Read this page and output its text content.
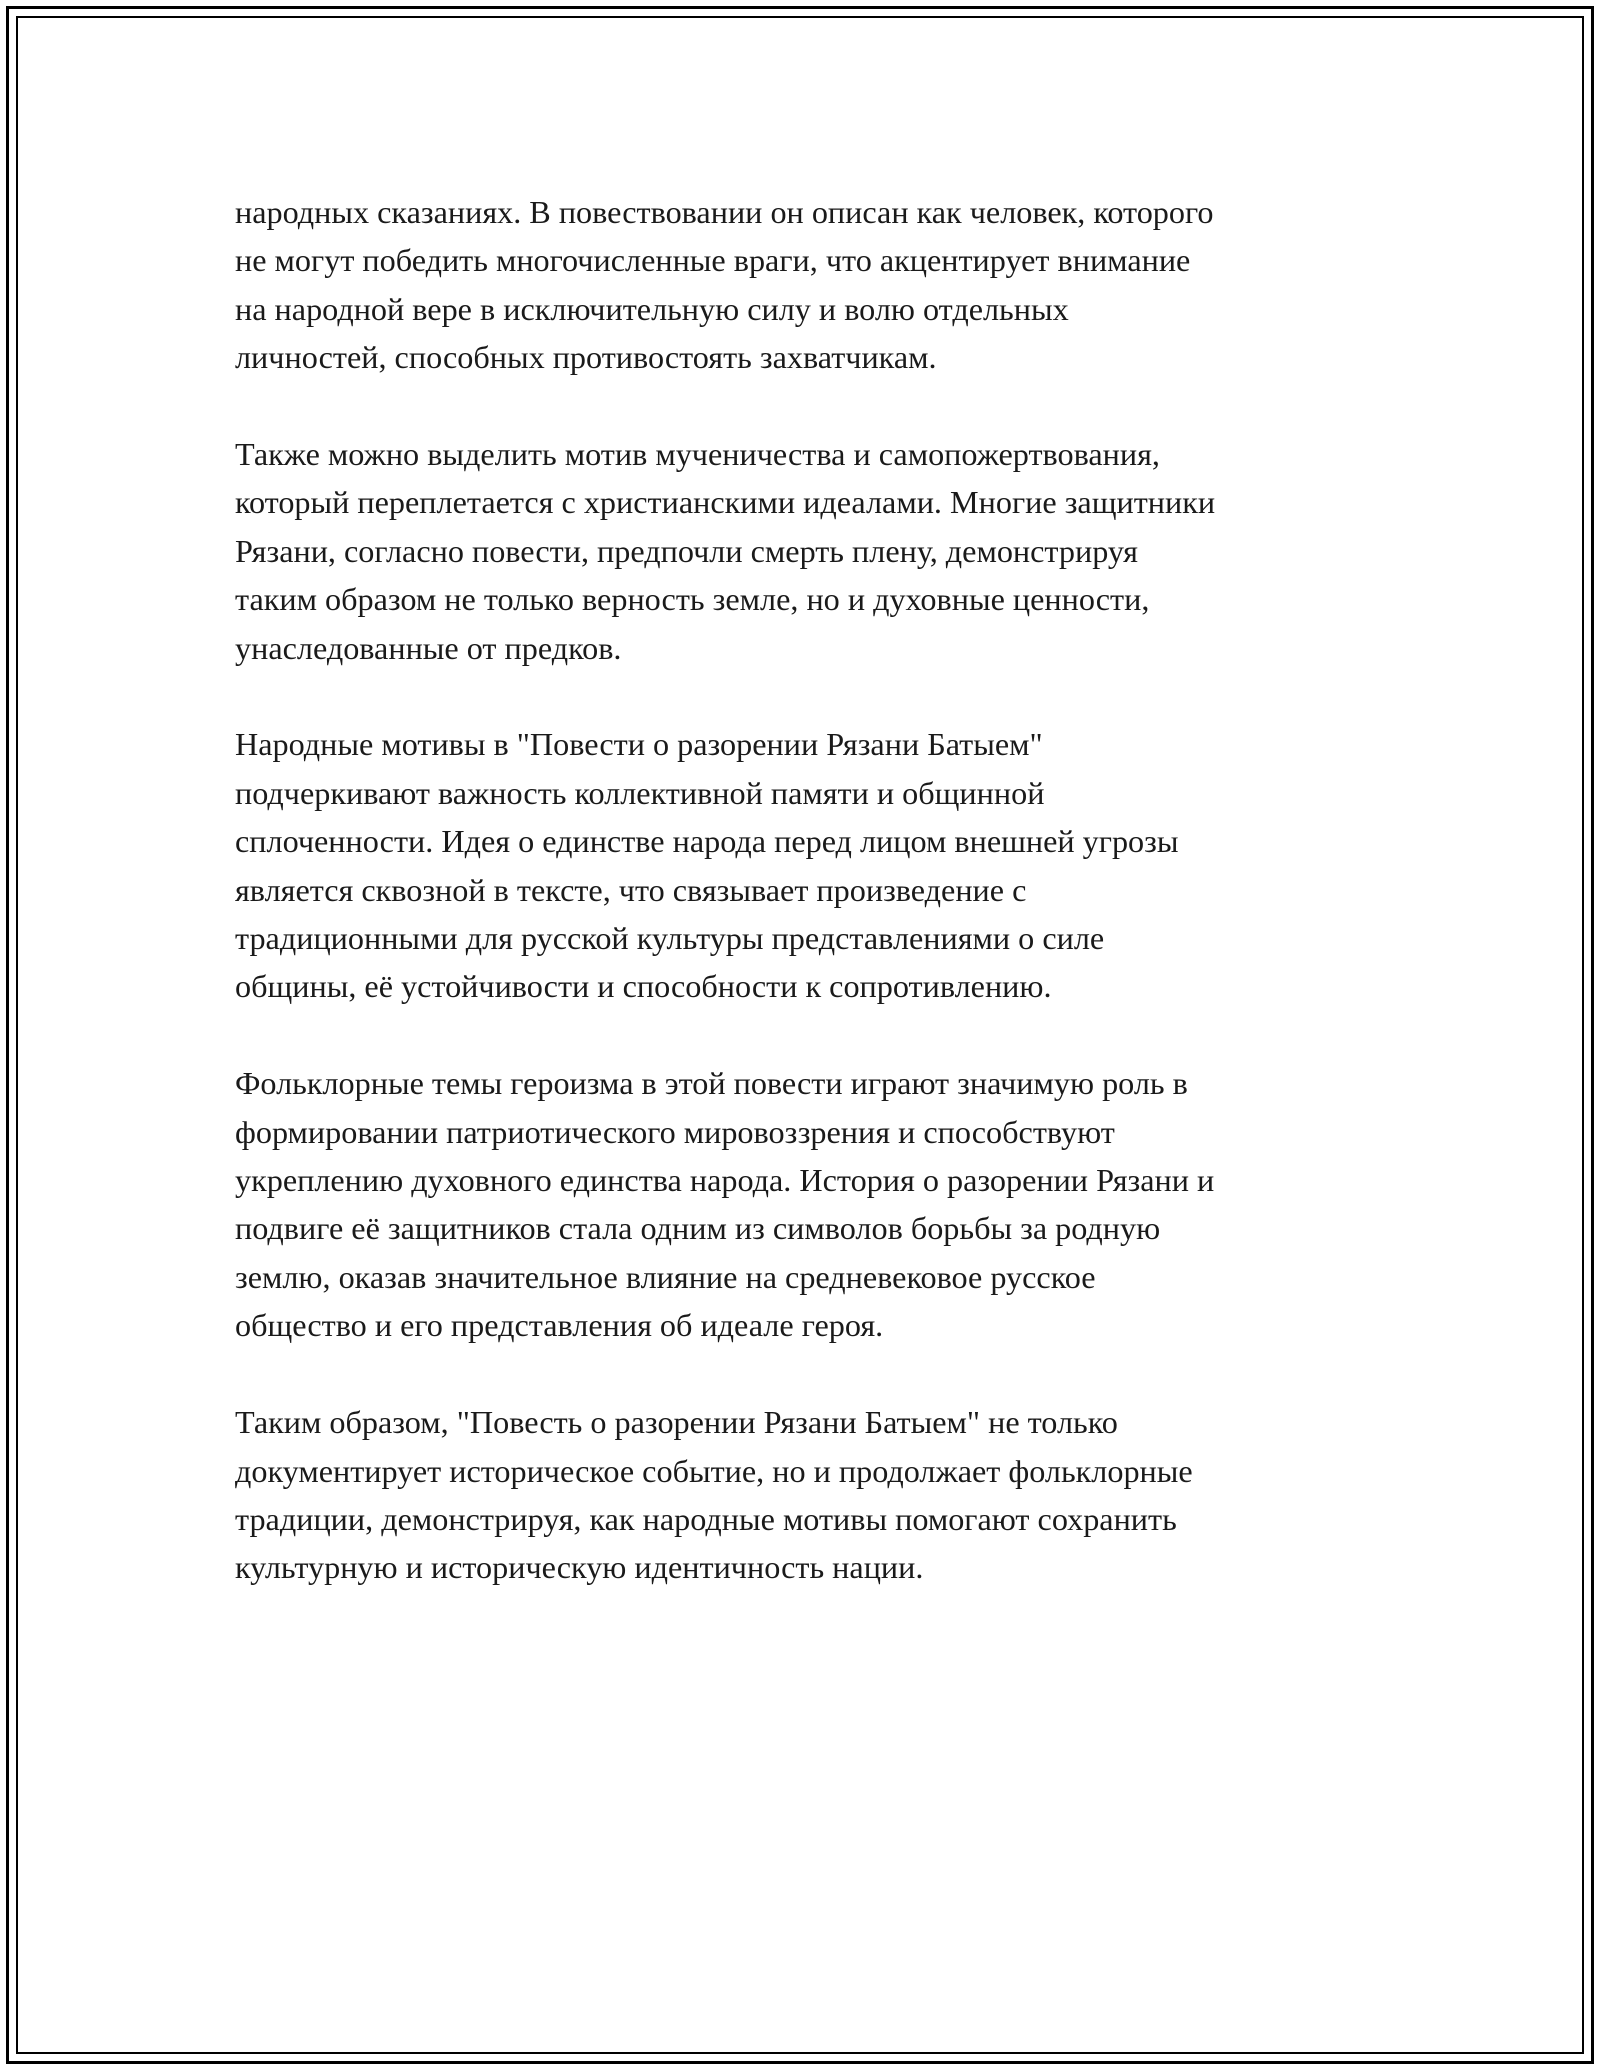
народных сказаниях. В повествовании он описан как человек, которого
не могут победить многочисленные враги, что акцентирует внимание
на народной вере в исключительную силу и волю отдельных
личностей, способных противостоять захватчикам.

Также можно выделить мотив мученичества и самопожертвования,
который переплетается с христианскими идеалами. Многие защитники
Рязани, согласно повести, предпочли смерть плену, демонстрируя
таким образом не только верность земле, но и духовные ценности,
унаследованные от предков.

Народные мотивы в "Повести о разорении Рязани Батыем"
подчеркивают важность коллективной памяти и общинной
сплоченности. Идея о единстве народа перед лицом внешней угрозы
является сквозной в тексте, что связывает произведение с
традиционными для русской культуры представлениями о силе
общины, её устойчивости и способности к сопротивлению.

Фольклорные темы героизма в этой повести играют значимую роль в
формировании патриотического мировоззрения и способствуют
укреплению духовного единства народа. История о разорении Рязани и
подвиге её защитников стала одним из символов борьбы за родную
землю, оказав значительное влияние на средневековое русское
общество и его представления об идеале героя.

Таким образом, "Повесть о разорении Рязани Батыем" не только
документирует историческое событие, но и продолжает фольклорные
традиции, демонстрируя, как народные мотивы помогают сохранить
культурную и историческую идентичность нации.
